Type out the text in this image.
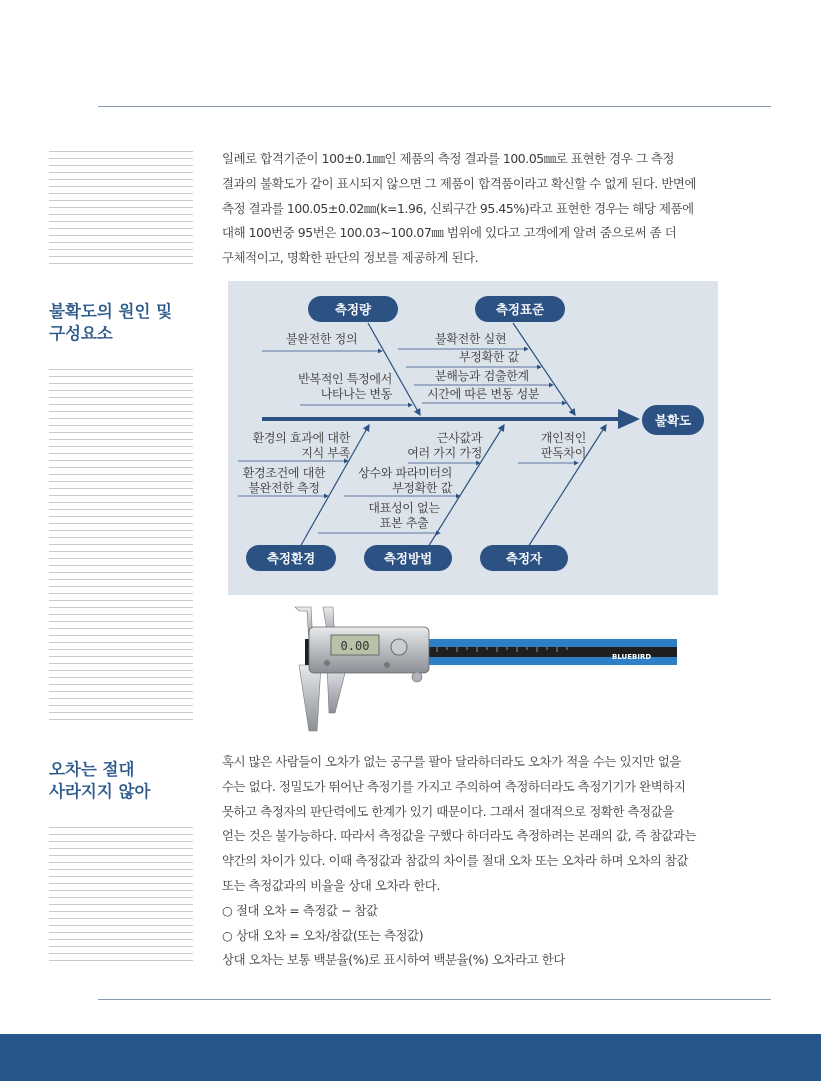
일례로 합격기준이 100±0.1㎜인 제품의 측정 결과를 100.05㎜로 표현한 경우 그 측정
결과의 불확도가 같이 표시되지 않으면 그 제품이 합격품이라고 확신할 수 없게 된다. 반면에
측정 결과를 100.05±0.02㎜(k=1.96, 신뢰구간 95.45%)라고 표현한 경우는 해당 제품에
대해 100번중 95번은 100.03~100.07㎜ 범위에 있다고 고객에게 알려 줌으로써 좀 더
구체적이고, 명확한 판단의 정보를 제공하게 된다.
불확도의 원인 및
구성요소
측정량	측정표준
불확도
측정환경	측정방법	측정자
불완전한 정의
반복적인 특정에서
나타나는 변동
불확전한 실현
부정확한 값
분해능과 검출한계
시간에 따른 변동 성분
환경의 효과에 대한
지식 부족
환경조건에 대한
불완전한 측정
근사값과
여러 가지 가정
상수와 파라미터의
부정확한 값
대표성이 없는
표본 추출
개인적인
판독차이
0.00
BLUEBIRD
오차는 절대
사라지지 않아
혹시 많은 사람들이 오차가 없는 공구를 팔아 달라하더라도 오차가 적을 수는 있지만 없을
수는 없다. 정밀도가 뛰어난 측정기를 가지고 주의하여 측정하더라도 측정기기가 완벽하지
못하고 측정자의 판단력에도 한계가 있기 때문이다. 그래서 절대적으로 정확한 측정값을
얻는 것은 불가능하다. 따라서 측정값을 구했다 하더라도 측정하려는 본래의 값, 즉 참값과는
약간의 차이가 있다. 이때 측정값과 참값의 차이를 절대 오차 또는 오차라 하며 오차의 참값
또는 측정값과의 비율을 상대 오차라 한다.
○ 절대 오차 = 측정값 − 참값
○ 상대 오차 = 오차/참값(또는 측정값)
상대 오차는 보통 백분율(%)로 표시하여 백분율(%) 오차라고 한다
